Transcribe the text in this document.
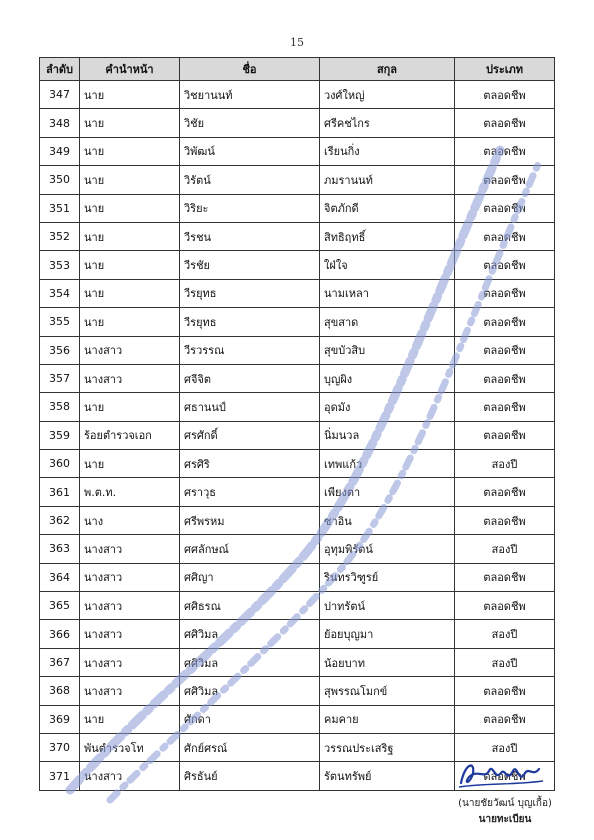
15
ลำดับ	คำนำหน้า	ชื่อ	สกุล	ประเภท
347	นาย	วิชยานนท์	วงศ์ใหญ่	ตลอดชีพ
348	นาย	วิชัย	ศรีคชไกร	ตลอดชีพ
349	นาย	วิพัฒน์	เรียนกิ่ง	ตลอดชีพ
350	นาย	วิรัตน์	ภมรานนท์	ตลอดชีพ
351	นาย	วิริยะ	จิตภักดี	ตลอดชีพ
352	นาย	วีรชน	สิทธิฤทธิ์	ตลอดชีพ
353	นาย	วีรชัย	ใฝ่ใจ	ตลอดชีพ
354	นาย	วีรยุทธ	นามเหลา	ตลอดชีพ
355	นาย	วีรยุทธ	สุขสาด	ตลอดชีพ
356	นางสาว	วีรวรรณ	สุขบัวสิบ	ตลอดชีพ
357	นางสาว	ศจีจิต	บุญผิง	ตลอดชีพ
358	นาย	ศธานนป์	อุดมัง	ตลอดชีพ
359	ร้อยตำรวจเอก	ศรศักดิ์	นิ่มนวล	ตลอดชีพ
360	นาย	ศรศิริ	เทพแก้ว	สองปี
361	พ.ต.ท.	ศราวุธ	เพียงตา	ตลอดชีพ
362	นาง	ศรีพรหม	ซาอิน	ตลอดชีพ
363	นางสาว	ศศลักษณ์	อุทุมพิรัตน์	สองปี
364	นางสาว	ศศิญา	รินทรวิฑูรย์	ตลอดชีพ
365	นางสาว	ศศิธรณ	ปาทรัตน์	ตลอดชีพ
366	นางสาว	ศศิวิมล	ย้อยบุญมา	สองปี
367	นางสาว	ศศิวิมล	น้อยบาท	สองปี
368	นางสาว	ศศิวิมล	สุพรรณโมกข์	ตลอดชีพ
369	นาย	ศักดา	คมคาย	ตลอดชีพ
370	พันตำรวจโท	ศักย์ศรณ์	วรรณประเสริฐ	สองปี
371	นางสาว	ศิรธันย์	รัตนทรัพย์	ตลอดชีพ
(นายชัยวัฒน์ บุญเกื้อ)
นายทะเบียน
